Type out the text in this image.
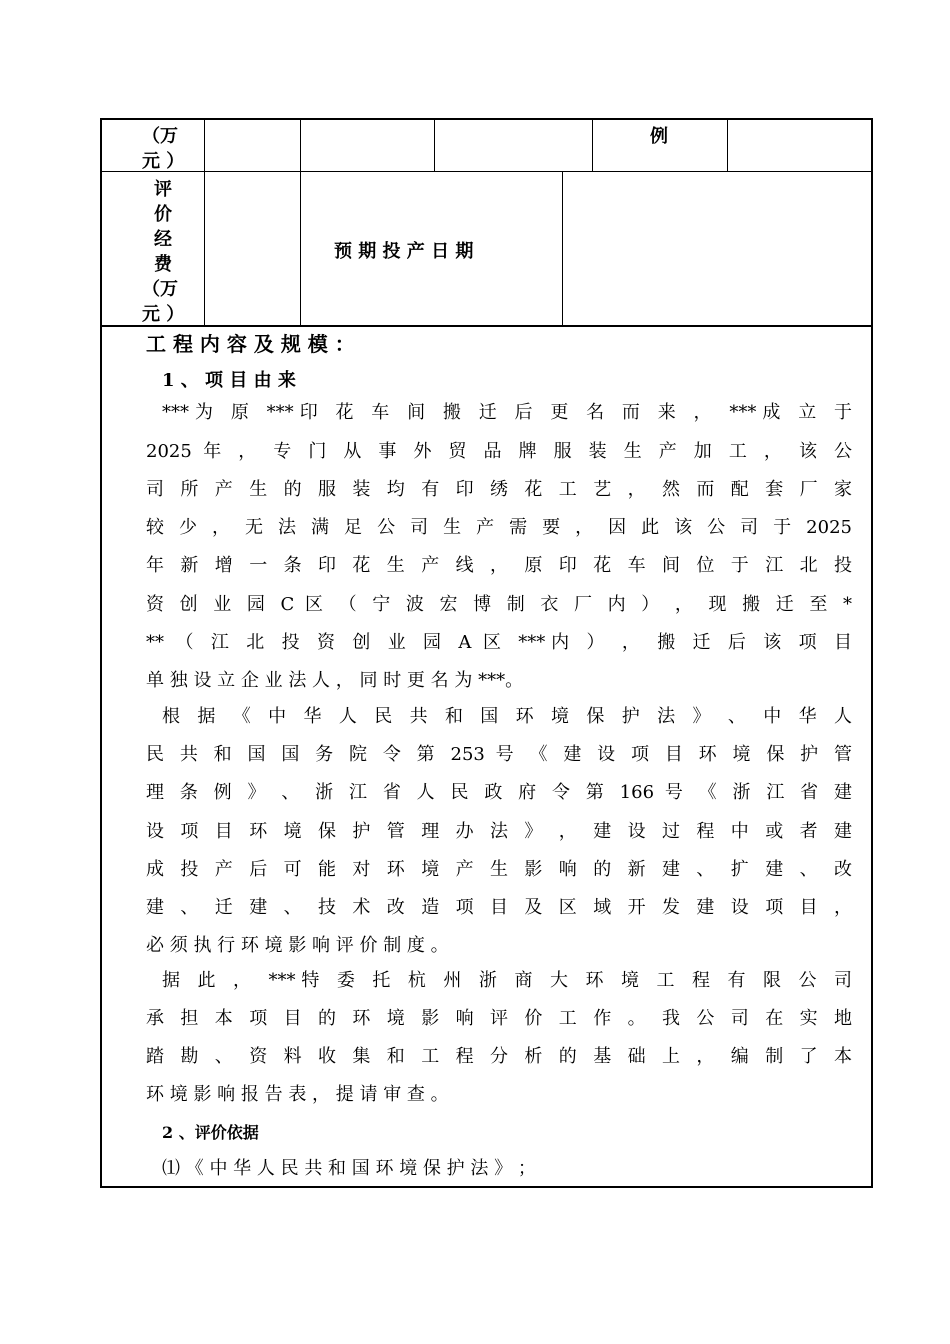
（万
元 ）
例
评
价
经
费
（万
元 ）
预 期 投 产 日 期
工 程 内 容 及 规 模 ：
1 、 项 目 由 来
***为 原 ***印 花 车 间 搬 迁 后 更 名 而 来 ， ***成 立 于
2025 年 ， 专 门 从 事 外 贸 品 牌 服 装 生 产 加 工 ， 该 公
司 所 产 生 的 服 装 均 有 印 绣 花 工 艺 ， 然 而 配 套 厂 家
较 少 ， 无 法 满 足 公 司 生 产 需 要 ， 因 此 该 公 司 于 2025
年 新 增 一 条 印 花 生 产 线 ， 原 印 花 车 间 位 于 江 北 投
资 创 业 园 C 区 （ 宁 波 宏 博 制 衣 厂 内 ） ， 现 搬 迁 至 *
** （ 江 北 投 资 创 业 园 A 区 ***内 ） ， 搬 迁 后 该 项 目
单 独 设 立 企 业 法 人 ， 同 时 更 名 为 ***。
根 据 《 中 华 人 民 共 和 国 环 境 保 护 法 》 、 中 华 人
民 共 和 国 国 务 院 令 第 253 号 《 建 设 项 目 环 境 保 护 管
理 条 例 》 、 浙 江 省 人 民 政 府 令 第 166 号 《 浙 江 省 建
设 项 目 环 境 保 护 管 理 办 法 》 ， 建 设 过 程 中 或 者 建
成 投 产 后 可 能 对 环 境 产 生 影 响 的 新 建 、 扩 建 、 改
建 、 迁 建 、 技 术 改 造 项 目 及 区 域 开 发 建 设 项 目 ，
必 须 执 行 环 境 影 响 评 价 制 度 。
据 此 ， ***特 委 托 杭 州 浙 商 大 环 境 工 程 有 限 公 司
承 担 本 项 目 的 环 境 影 响 评 价 工 作 。 我 公 司 在 实 地
踏 勘 、 资 料 收 集 和 工 程 分 析 的 基 础 上 ， 编 制 了 本
环 境 影 响 报 告 表 ， 提 请 审 查 。
2 、评价依据
⑴ 《 中 华 人 民 共 和 国 环 境 保 护 法 》 ；
